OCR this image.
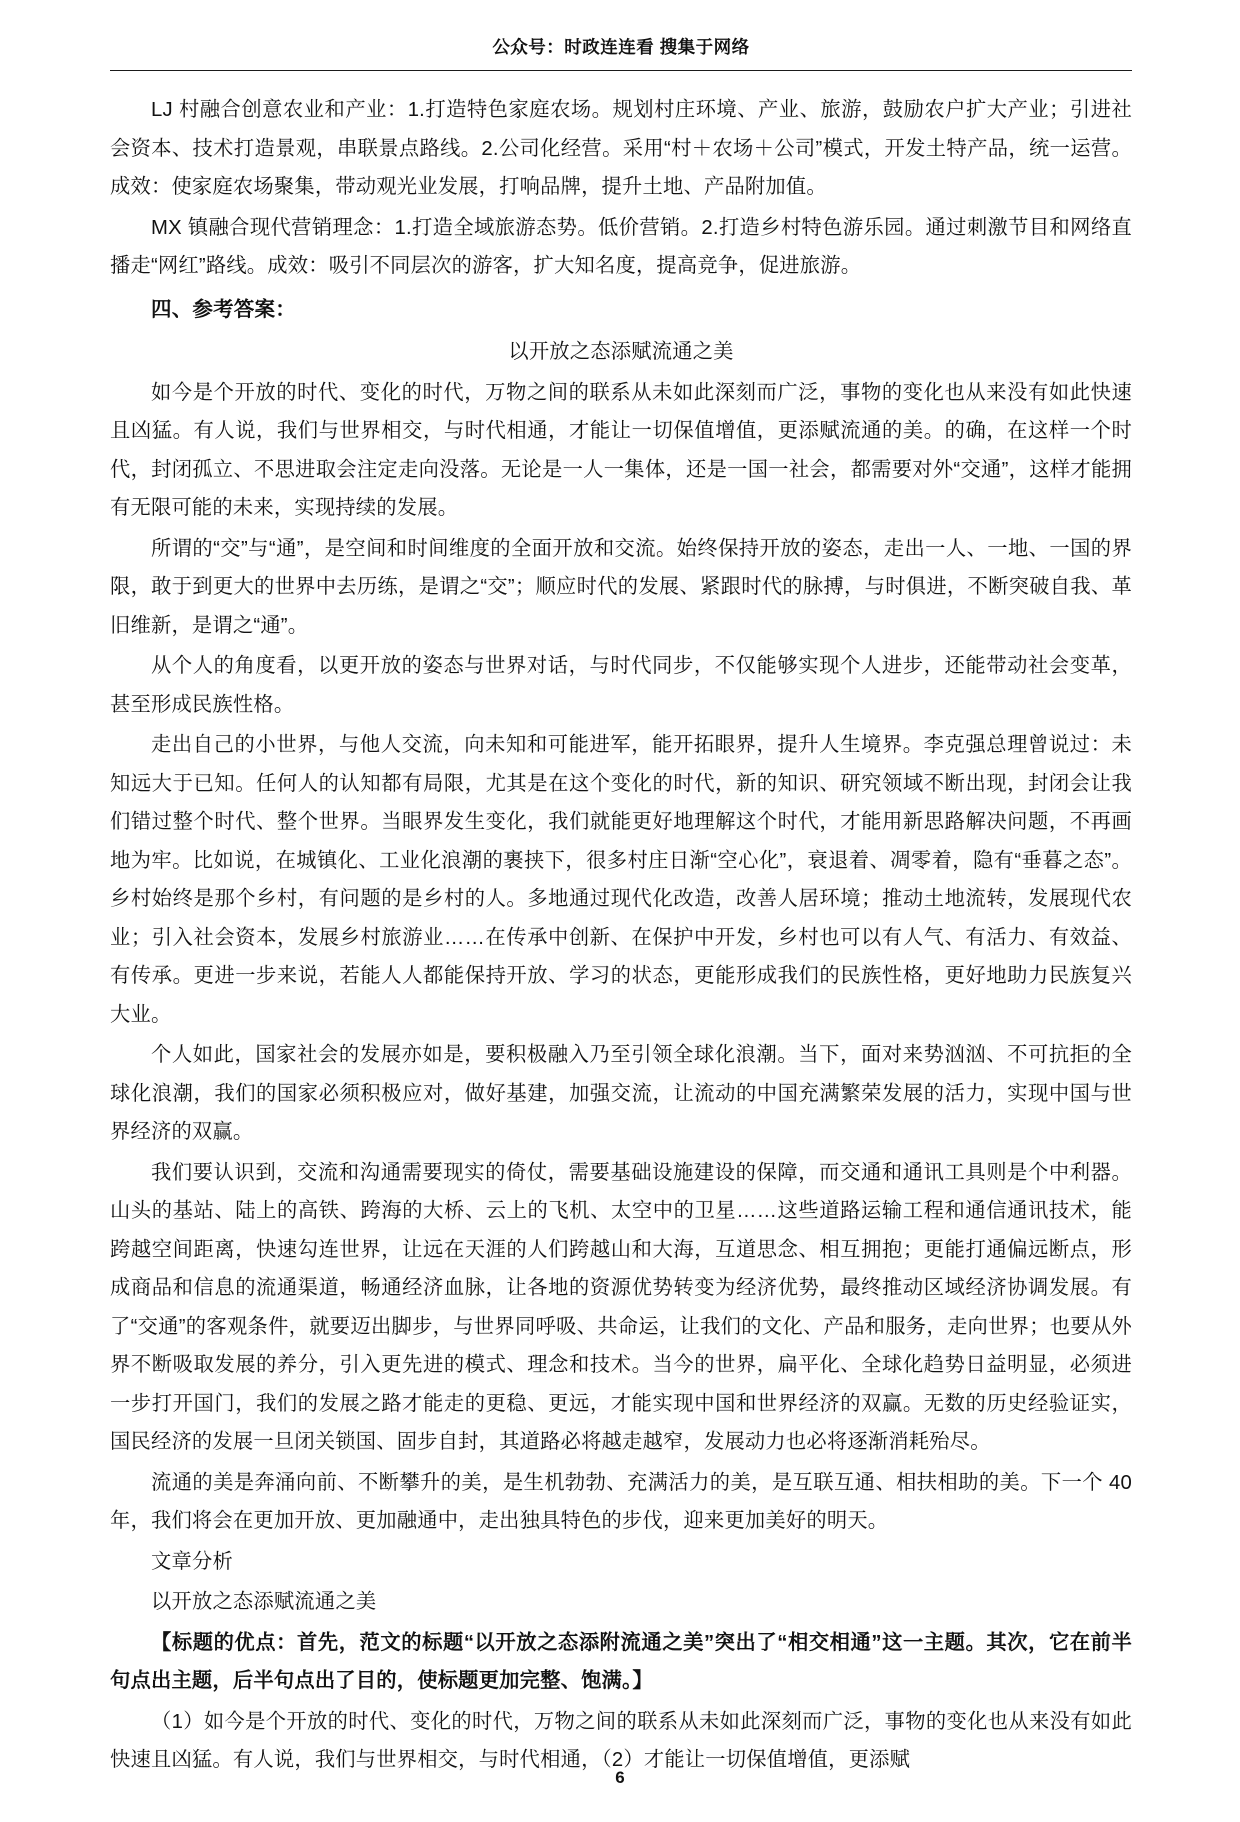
公众号：时政连连看 搜集于网络

LJ 村融合创意农业和产业：1.打造特色家庭农场。规划村庄环境、产业、旅游，鼓励农户扩大产业；引进社会资本、技术打造景观，串联景点路线。2.公司化经营。采用“村＋农场＋公司”模式，开发土特产品，统一运营。成效：使家庭农场聚集，带动观光业发展，打响品牌，提升土地、产品附加值。

MX 镇融合现代营销理念：1.打造全域旅游态势。低价营销。2.打造乡村特色游乐园。通过刺激节目和网络直播走“网红”路线。成效：吸引不同层次的游客，扩大知名度，提高竞争，促进旅游。

四、参考答案：

以开放之态添赋流通之美

如今是个开放的时代、变化的时代，万物之间的联系从未如此深刻而广泛，事物的变化也从来没有如此快速且凶猛。有人说，我们与世界相交，与时代相通，才能让一切保值增值，更添赋流通的美。的确，在这样一个时代，封闭孤立、不思进取会注定走向没落。无论是一人一集体，还是一国一社会，都需要对外“交通”，这样才能拥有无限可能的未来，实现持续的发展。

所谓的“交”与“通”，是空间和时间维度的全面开放和交流。始终保持开放的姿态，走出一人、一地、一国的界限，敢于到更大的世界中去历练，是谓之“交”；顺应时代的发展、紧跟时代的脉搏，与时俱进，不断突破自我、革旧维新，是谓之“通”。

从个人的角度看，以更开放的姿态与世界对话，与时代同步，不仅能够实现个人进步，还能带动社会变革，甚至形成民族性格。

走出自己的小世界，与他人交流，向未知和可能进军，能开拓眼界，提升人生境界。李克强总理曾说过：未知远大于已知。任何人的认知都有局限，尤其是在这个变化的时代，新的知识、研究领域不断出现，封闭会让我们错过整个时代、整个世界。当眼界发生变化，我们就能更好地理解这个时代，才能用新思路解决问题，不再画地为牢。比如说，在城镇化、工业化浪潮的裹挟下，很多村庄日渐“空心化”，衰退着、凋零着，隐有“垂暮之态”。乡村始终是那个乡村，有问题的是乡村的人。多地通过现代化改造，改善人居环境；推动土地流转，发展现代农业；引入社会资本，发展乡村旅游业……在传承中创新、在保护中开发，乡村也可以有人气、有活力、有效益、有传承。更进一步来说，若能人人都能保持开放、学习的状态，更能形成我们的民族性格，更好地助力民族复兴大业。

个人如此，国家社会的发展亦如是，要积极融入乃至引领全球化浪潮。当下，面对来势汹汹、不可抗拒的全球化浪潮，我们的国家必须积极应对，做好基建，加强交流，让流动的中国充满繁荣发展的活力，实现中国与世界经济的双赢。

我们要认识到，交流和沟通需要现实的倚仗，需要基础设施建设的保障，而交通和通讯工具则是个中利器。山头的基站、陆上的高铁、跨海的大桥、云上的飞机、太空中的卫星……这些道路运输工程和通信通讯技术，能跨越空间距离，快速勾连世界，让远在天涯的人们跨越山和大海，互道思念、相互拥抱；更能打通偏远断点，形成商品和信息的流通渠道，畅通经济血脉，让各地的资源优势转变为经济优势，最终推动区域经济协调发展。有了“交通”的客观条件，就要迈出脚步，与世界同呼吸、共命运，让我们的文化、产品和服务，走向世界；也要从外界不断吸取发展的养分，引入更先进的模式、理念和技术。当今的世界，扁平化、全球化趋势日益明显，必须进一步打开国门，我们的发展之路才能走的更稳、更远，才能实现中国和世界经济的双赢。无数的历史经验证实，国民经济的发展一旦闭关锁国、固步自封，其道路必将越走越窄，发展动力也必将逐渐消耗殆尽。

流通的美是奔涌向前、不断攀升的美，是生机勃勃、充满活力的美，是互联互通、相扶相助的美。下一个 40 年，我们将会在更加开放、更加融通中，走出独具特色的步伐，迎来更加美好的明天。

文章分析

以开放之态添赋流通之美

【标题的优点：首先，范文的标题“以开放之态添附流通之美”突出了“相交相通”这一主题。其次，它在前半句点出主题，后半句点出了目的，使标题更加完整、饱满。】

（1）如今是个开放的时代、变化的时代，万物之间的联系从未如此深刻而广泛，事物的变化也从来没有如此快速且凶猛。有人说，我们与世界相交，与时代相通，（2）才能让一切保值增值，更添赋

6
